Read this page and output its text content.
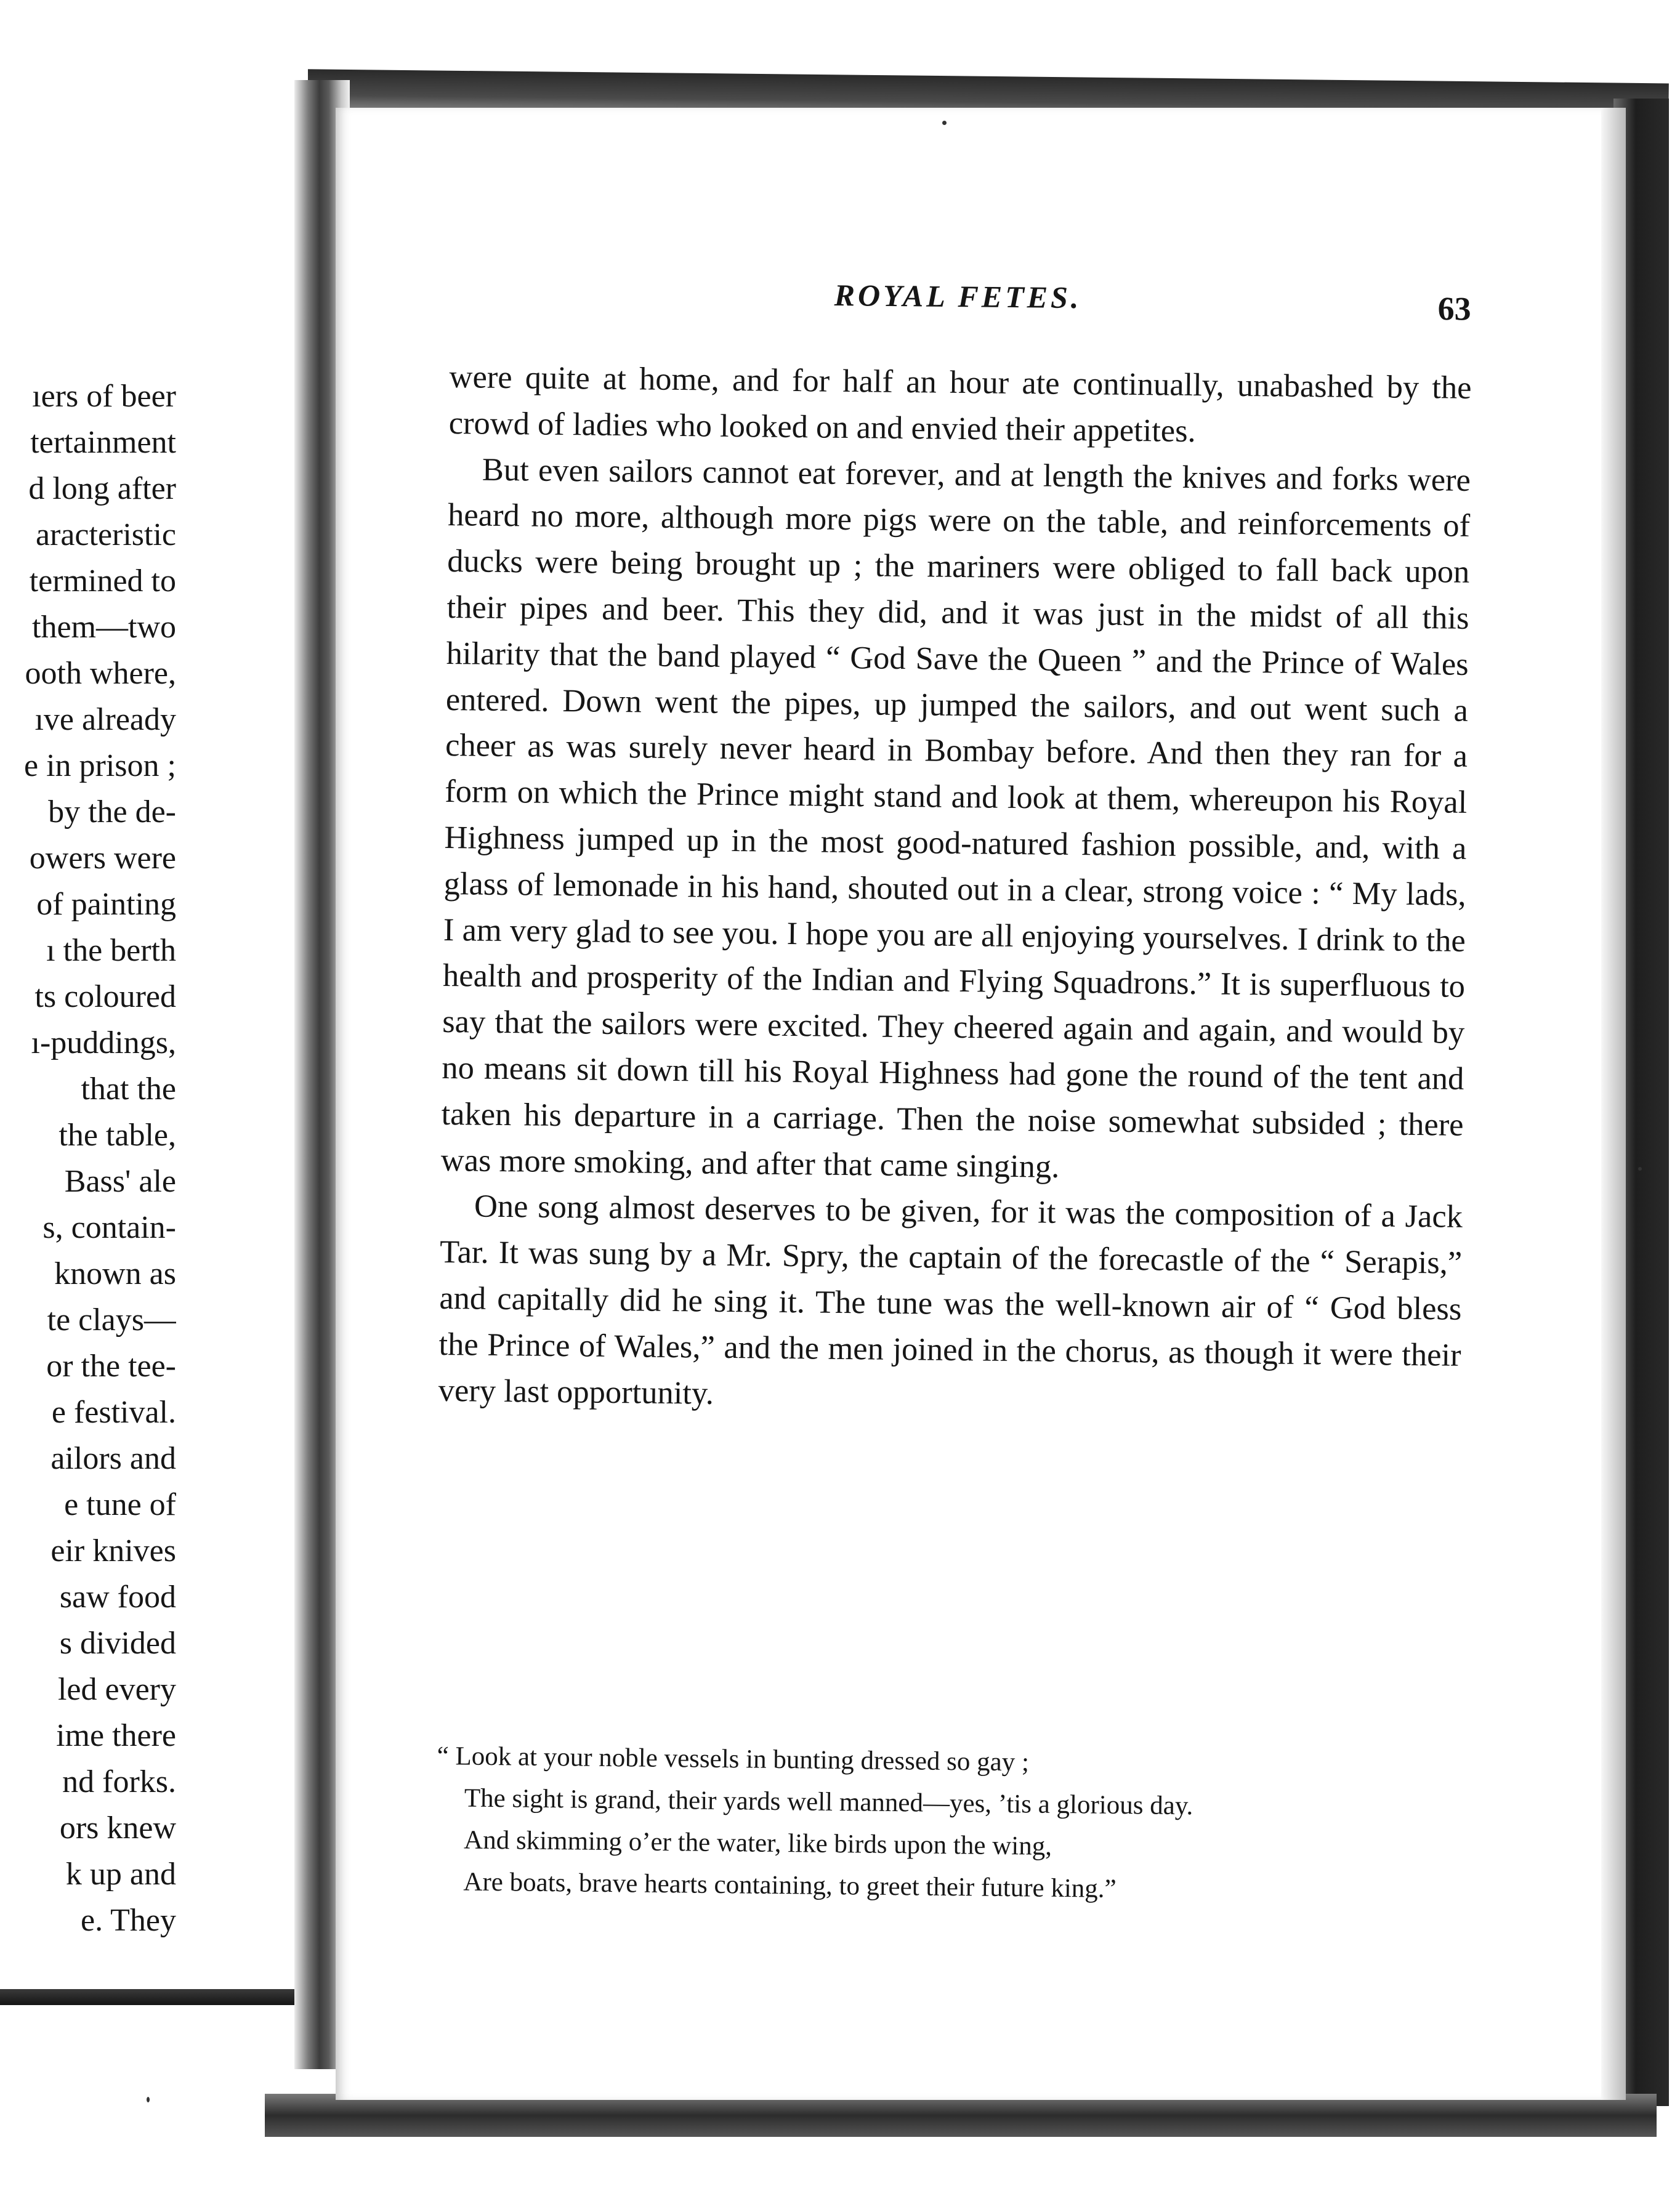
ıers of beer
tertainment
d long after
aracteristic
termined to
them—two
ooth where,
ıve already
e in prison ;
by the de-
owers were
of painting
ı the berth
ts coloured
ı-puddings,
that the
the table,
Bass' ale
s, contain-
known as
te clays—
or the tee-
e festival.
ailors and
e tune of
eir knives
saw food
s divided
led every
ime there
nd forks.
ors knew
k up and
e. They
ROYAL FETES.	63

were quite at home, and for half an hour ate continually, unabashed by the crowd of ladies who looked on and envied their appetites.

But even sailors cannot eat forever, and at length the knives and forks were heard no more, although more pigs were on the table, and reinforcements of ducks were being brought up ; the mariners were obliged to fall back upon their pipes and beer. This they did, and it was just in the midst of all this hilarity that the band played “ God Save the Queen ” and the Prince of Wales entered. Down went the pipes, up jumped the sailors, and out went such a cheer as was surely never heard in Bombay before. And then they ran for a form on which the Prince might stand and look at them, whereupon his Royal Highness jumped up in the most good-natured fashion possible, and, with a glass of lemonade in his hand, shouted out in a clear, strong voice : “ My lads, I am very glad to see you. I hope you are all enjoying yourselves. I drink to the health and prosperity of the Indian and Flying Squadrons.” It is superfluous to say that the sailors were excited. They cheered again and again, and would by no means sit down till his Royal Highness had gone the round of the tent and taken his departure in a carriage. Then the noise somewhat subsided ; there was more smoking, and after that came singing.

One song almost deserves to be given, for it was the composition of a Jack Tar. It was sung by a Mr. Spry, the captain of the forecastle of the “ Serapis,” and capitally did he sing it. The tune was the well-known air of “ God bless the Prince of Wales,” and the men joined in the chorus, as though it were their very last opportunity.

“ Look at your noble vessels in bunting dressed so gay ;
The sight is grand, their yards well manned—yes, ’tis a glorious day.
And skimming o’er the water, like birds upon the wing,
Are boats, brave hearts containing, to greet their future king.”
